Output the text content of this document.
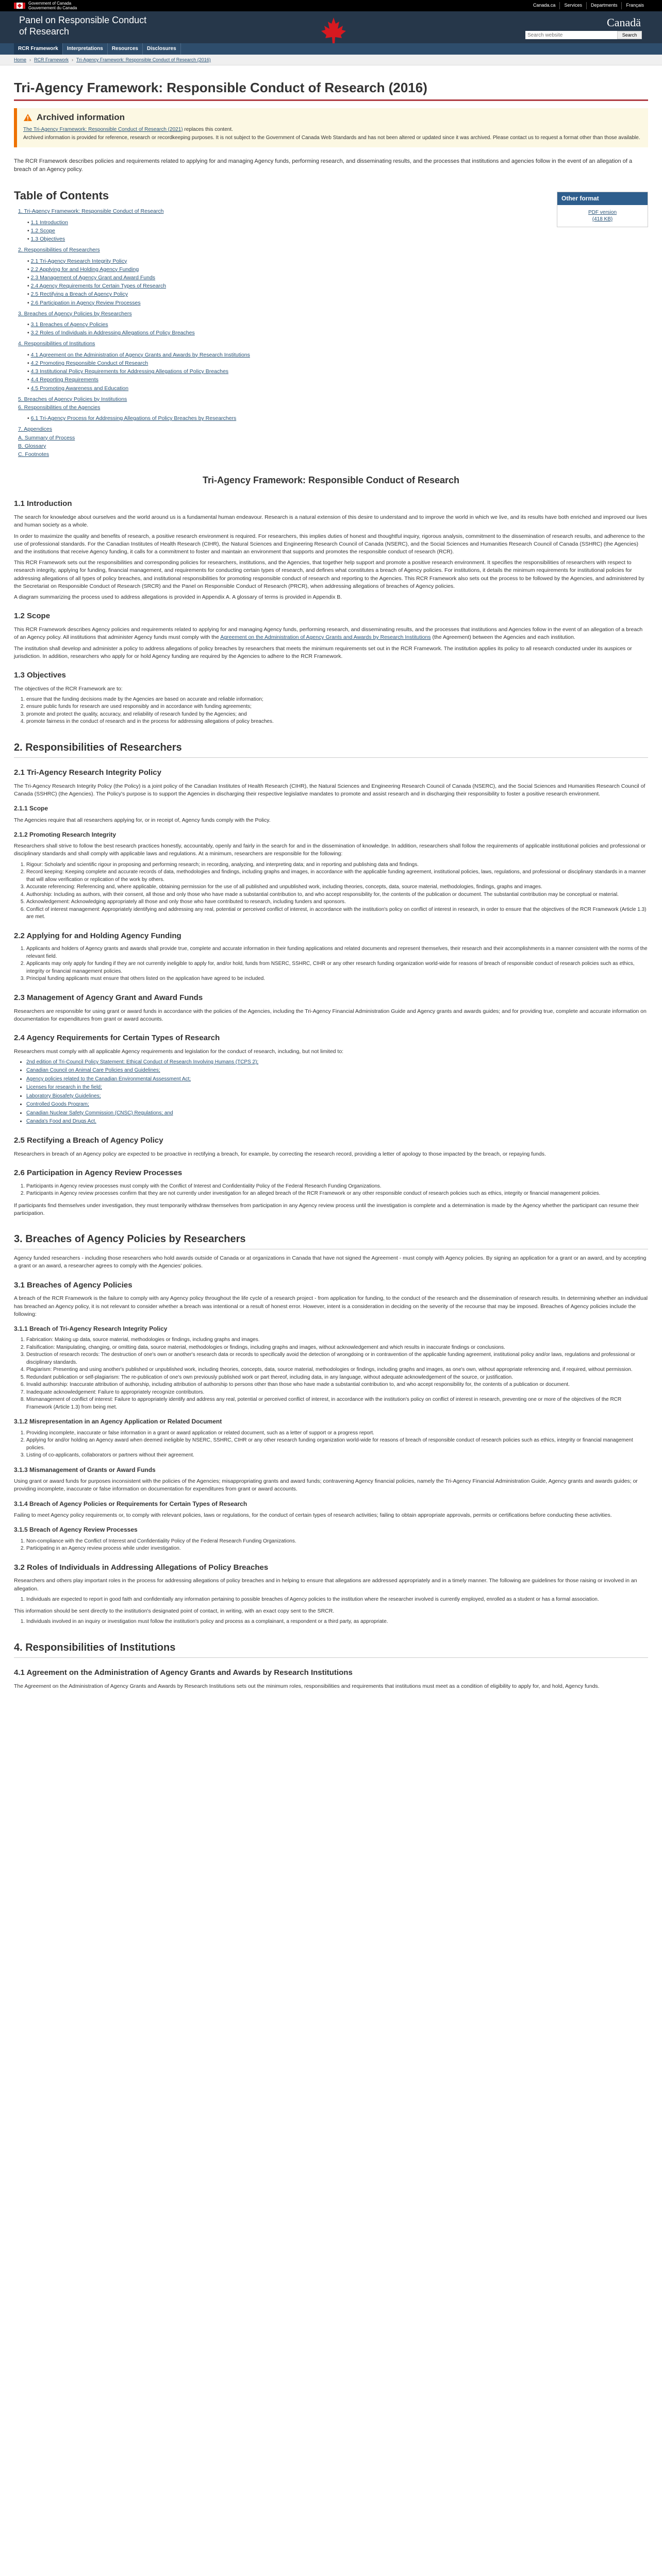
Government of Canada
Gouvernement du Canada
Canada.ca	Services	Departments	Français
Panel on Responsible Conduct
of Research
Canadä
Search website
Search
RCR Framework	Interpretations	Resources	Disclosures
Home › RCR Framework › Tri-Agency Framework: Responsible Conduct of Research (2016)
Tri-Agency Framework: Responsible Conduct of Research (2016)
Archived information

The Tri-Agency Framework: Responsible Conduct of Research (2021) replaces this content.

Archived information is provided for reference, research or recordkeeping purposes. It is not subject to the Government of Canada Web Standards and has not been altered or updated since it was archived. Please contact us to request a format other than those available.

The RCR Framework describes policies and requirements related to applying for and managing Agency funds, performing research, and disseminating results, and the processes that institutions and agencies follow in the event of an allegation of a breach of an Agency policy.

Table of Contents
1. Tri-Agency Framework: Responsible Conduct of Research
• 1.1 Introduction
• 1.2 Scope
• 1.3 Objectives
2. Responsibilities of Researchers
• 2.1 Tri-Agency Research Integrity Policy
• 2.2 Applying for and Holding Agency Funding
• 2.3 Management of Agency Grant and Award Funds
• 2.4 Agency Requirements for Certain Types of Research
• 2.5 Rectifying a Breach of Agency Policy
• 2.6 Participation in Agency Review Processes
3. Breaches of Agency Policies by Researchers
• 3.1 Breaches of Agency Policies
• 3.2 Roles of Individuals in Addressing Allegations of Policy Breaches
4. Responsibilities of Institutions
• 4.1 Agreement on the Administration of Agency Grants and Awards by Research Institutions
• 4.2 Promoting Responsible Conduct of Research
• 4.3 Institutional Policy Requirements for Addressing Allegations of Policy Breaches
• 4.4 Reporting Requirements
• 4.5 Promoting Awareness and Education
5. Breaches of Agency Policies by Institutions
6. Responsibilities of the Agencies
• 6.1 Tri-Agency Process for Addressing Allegations of Policy Breaches by Researchers
7. Appendices
A. Summary of Process
B. Glossary
C. Footnotes
Other format
PDF version
(418 KB)
Tri-Agency Framework: Responsible Conduct of Research
1.1 Introduction

The search for knowledge about ourselves and the world around us is a fundamental human endeavour. Research is a natural extension of this desire to understand and to improve the world in which we live, and its results have both enriched and improved our lives and human society as a whole.

In order to maximize the quality and benefits of research, a positive research environment is required. For researchers, this implies duties of honest and thoughtful inquiry, rigorous analysis, commitment to the dissemination of research results, and adherence to the use of professional standards. For the Canadian Institutes of Health Research (CIHR), the Natural Sciences and Engineering Research Council of Canada (NSERC), and the Social Sciences and Humanities Research Council of Canada (SSHRC) (the Agencies) and the institutions that receive Agency funding, it calls for a commitment to foster and maintain an environment that supports and promotes the responsible conduct of research (RCR).

This RCR Framework sets out the responsibilities and corresponding policies for researchers, institutions, and the Agencies, that together help support and promote a positive research environment. It specifies the responsibilities of researchers with respect to research integrity, applying for funding, financial management, and requirements for conducting certain types of research, and defines what constitutes a breach of Agency policies. For institutions, it details the minimum requirements for institutional policies for addressing allegations of all types of policy breaches, and institutional responsibilities for promoting responsible conduct of research and reporting to the Agencies. This RCR Framework also sets out the process to be followed by the Agencies, and administered by the Secretariat on Responsible Conduct of Research (SRCR) and the Panel on Responsible Conduct of Research (PRCR), when addressing allegations of breaches of Agency policies.

A diagram summarizing the process used to address allegations is provided in Appendix A. A glossary of terms is provided in Appendix B.

1.2 Scope

This RCR Framework describes Agency policies and requirements related to applying for and managing Agency funds, performing research, and disseminating results, and the processes that institutions and Agencies follow in the event of an allegation of a breach of an Agency policy. All institutions that administer Agency funds must comply with the Agreement on the Administration of Agency Grants and Awards by Research Institutions (the Agreement) between the Agencies and each institution.

The institution shall develop and administer a policy to address allegations of policy breaches by researchers that meets the minimum requirements set out in the RCR Framework. The institution applies its policy to all research conducted under its auspices or jurisdiction. In addition, researchers who apply for or hold Agency funding are required by the Agencies to adhere to the RCR Framework.

1.3 Objectives

The objectives of the RCR Framework are to:

1. ensure that the funding decisions made by the Agencies are based on accurate and reliable information;
2. ensure public funds for research are used responsibly and in accordance with funding agreements;
3. promote and protect the quality, accuracy, and reliability of research funded by the Agencies; and
4. promote fairness in the conduct of research and in the process for addressing allegations of policy breaches.
2. Responsibilities of Researchers
2.1 Tri-Agency Research Integrity Policy

The Tri-Agency Research Integrity Policy (the Policy) is a joint policy of the Canadian Institutes of Health Research (CIHR), the Natural Sciences and Engineering Research Council of Canada (NSERC), and the Social Sciences and Humanities Research Council of Canada (SSHRC) (the Agencies). The Policy's purpose is to support the Agencies in discharging their respective legislative mandates to promote and assist research and in discharging their responsibility to foster a positive research environment.

2.1.1 Scope

The Agencies require that all researchers applying for, or in receipt of, Agency funds comply with the Policy.

2.1.2 Promoting Research Integrity

Researchers shall strive to follow the best research practices honestly, accountably, openly and fairly in the search for and in the dissemination of knowledge. In addition, researchers shall follow the requirements of applicable institutional policies and professional or disciplinary standards and shall comply with applicable laws and regulations. At a minimum, researchers are responsible for the following:

1. Rigour: Scholarly and scientific rigour in proposing and performing research; in recording, analyzing, and interpreting data; and in reporting and publishing data and findings.
2. Record keeping: Keeping complete and accurate records of data, methodologies and findings, including graphs and images, in accordance with the applicable funding agreement, institutional policies, laws, regulations, and professional or disciplinary standards in a manner that will allow verification or replication of the work by others.
3. Accurate referencing: Referencing and, where applicable, obtaining permission for the use of all published and unpublished work, including theories, concepts, data, source material, methodologies, findings, graphs and images.
4. Authorship: Including as authors, with their consent, all those and only those who have made a substantial contribution to, and who accept responsibility for, the contents of the publication or document. The substantial contribution may be conceptual or material.
5. Acknowledgement: Acknowledging appropriately all those and only those who have contributed to research, including funders and sponsors.
6. Conflict of interest management: Appropriately identifying and addressing any real, potential or perceived conflict of interest, in accordance with the institution's policy on conflict of interest in research, in order to ensure that the objectives of the RCR Framework (Article 1.3) are met.
2.2 Applying for and Holding Agency Funding
1. Applicants and holders of Agency grants and awards shall provide true, complete and accurate information in their funding applications and related documents and represent themselves, their research and their accomplishments in a manner consistent with the norms of the relevant field.
2. Applicants may only apply for funding if they are not currently ineligible to apply for, and/or hold, funds from NSERC, SSHRC, CIHR or any other research funding organization world-wide for reasons of breach of responsible conduct of research policies such as ethics, integrity or financial management policies.
3. Principal funding applicants must ensure that others listed on the application have agreed to be included.
2.3 Management of Agency Grant and Award Funds

Researchers are responsible for using grant or award funds in accordance with the policies of the Agencies, including the Tri-Agency Financial Administration Guide and Agency grants and awards guides; and for providing true, complete and accurate information on documentation for expenditures from grant or award accounts.

2.4 Agency Requirements for Certain Types of Research

Researchers must comply with all applicable Agency requirements and legislation for the conduct of research, including, but not limited to:

• 2nd edition of Tri-Council Policy Statement: Ethical Conduct of Research Involving Humans (TCPS 2);
• Canadian Council on Animal Care Policies and Guidelines;
• Agency policies related to the Canadian Environmental Assessment Act;
• Licenses for research in the field;
• Laboratory Biosafety Guidelines;
• Controlled Goods Program;
• Canadian Nuclear Safety Commission (CNSC) Regulations; and
• Canada's Food and Drugs Act.
2.5 Rectifying a Breach of Agency Policy

Researchers in breach of an Agency policy are expected to be proactive in rectifying a breach, for example, by correcting the research record, providing a letter of apology to those impacted by the breach, or repaying funds.

2.6 Participation in Agency Review Processes
1. Participants in Agency review processes must comply with the Conflict of Interest and Confidentiality Policy of the Federal Research Funding Organizations.
2. Participants in Agency review processes confirm that they are not currently under investigation for an alleged breach of the RCR Framework or any other responsible conduct of research policies such as ethics, integrity or financial management policies.

If participants find themselves under investigation, they must temporarily withdraw themselves from participation in any Agency review process until the investigation is complete and a determination is made by the Agency whether the participant can resume their participation.

3. Breaches of Agency Policies by Researchers

Agency funded researchers - including those researchers who hold awards outside of Canada or at organizations in Canada that have not signed the Agreement - must comply with Agency policies. By signing an application for a grant or an award, and by accepting a grant or an award, a researcher agrees to comply with the Agencies' policies.

3.1 Breaches of Agency Policies

A breach of the RCR Framework is the failure to comply with any Agency policy throughout the life cycle of a research project - from application for funding, to the conduct of the research and the dissemination of research results. In determining whether an individual has breached an Agency policy, it is not relevant to consider whether a breach was intentional or a result of honest error. However, intent is a consideration in deciding on the severity of the recourse that may be imposed. Breaches of Agency policies include the following:

3.1.1 Breach of Tri-Agency Research Integrity Policy
1. Fabrication: Making up data, source material, methodologies or findings, including graphs and images.
2. Falsification: Manipulating, changing, or omitting data, source material, methodologies or findings, including graphs and images, without acknowledgement and which results in inaccurate findings or conclusions.
3. Destruction of research records: The destruction of one's own or another's research data or records to specifically avoid the detection of wrongdoing or in contravention of the applicable funding agreement, institutional policy and/or laws, regulations and professional or disciplinary standards.
4. Plagiarism: Presenting and using another's published or unpublished work, including theories, concepts, data, source material, methodologies or findings, including graphs and images, as one's own, without appropriate referencing and, if required, without permission.
5. Redundant publication or self-plagiarism: The re-publication of one's own previously published work or part thereof, including data, in any language, without adequate acknowledgement of the source, or justification.
6. Invalid authorship: Inaccurate attribution of authorship, including attribution of authorship to persons other than those who have made a substantial contribution to, and who accept responsibility for, the contents of a publication or document.
7. Inadequate acknowledgement: Failure to appropriately recognize contributors.
8. Mismanagement of conflict of interest: Failure to appropriately identify and address any real, potential or perceived conflict of interest, in accordance with the institution's policy on conflict of interest in research, preventing one or more of the objectives of the RCR Framework (Article 1.3) from being met.
3.1.2 Misrepresentation in an Agency Application or Related Document
1. Providing incomplete, inaccurate or false information in a grant or award application or related document, such as a letter of support or a progress report.
2. Applying for and/or holding an Agency award when deemed ineligible by NSERC, SSHRC, CIHR or any other research funding organization world-wide for reasons of breach of responsible conduct of research policies such as ethics, integrity or financial management policies.
3. Listing of co-applicants, collaborators or partners without their agreement.
3.1.3 Mismanagement of Grants or Award Funds

Using grant or award funds for purposes inconsistent with the policies of the Agencies; misappropriating grants and award funds; contravening Agency financial policies, namely the Tri-Agency Financial Administration Guide, Agency grants and awards guides; or providing incomplete, inaccurate or false information on documentation for expenditures from grant or award accounts.

3.1.4 Breach of Agency Policies or Requirements for Certain Types of Research

Failing to meet Agency policy requirements or, to comply with relevant policies, laws or regulations, for the conduct of certain types of research activities; failing to obtain appropriate approvals, permits or certifications before conducting these activities.

3.1.5 Breach of Agency Review Processes
1. Non-compliance with the Conflict of Interest and Confidentiality Policy of the Federal Research Funding Organizations.
2. Participating in an Agency review process while under investigation.
3.2 Roles of Individuals in Addressing Allegations of Policy Breaches

Researchers and others play important roles in the process for addressing allegations of policy breaches and in helping to ensure that allegations are addressed appropriately and in a timely manner. The following are guidelines for those raising or involved in an allegation.

1. Individuals are expected to report in good faith and confidentially any information pertaining to possible breaches of Agency policies to the institution where the researcher involved is currently employed, enrolled as a student or has a formal association.

This information should be sent directly to the institution's designated point of contact, in writing, with an exact copy sent to the SRCR.

1. Individuals involved in an inquiry or investigation must follow the institution's policy and process as a complainant, a respondent or a third party, as appropriate.
4. Responsibilities of Institutions
4.1 Agreement on the Administration of Agency Grants and Awards by Research Institutions

The Agreement on the Administration of Agency Grants and Awards by Research Institutions sets out the minimum roles, responsibilities and requirements that institutions must meet as a condition of eligibility to apply for, and hold, Agency funds.
